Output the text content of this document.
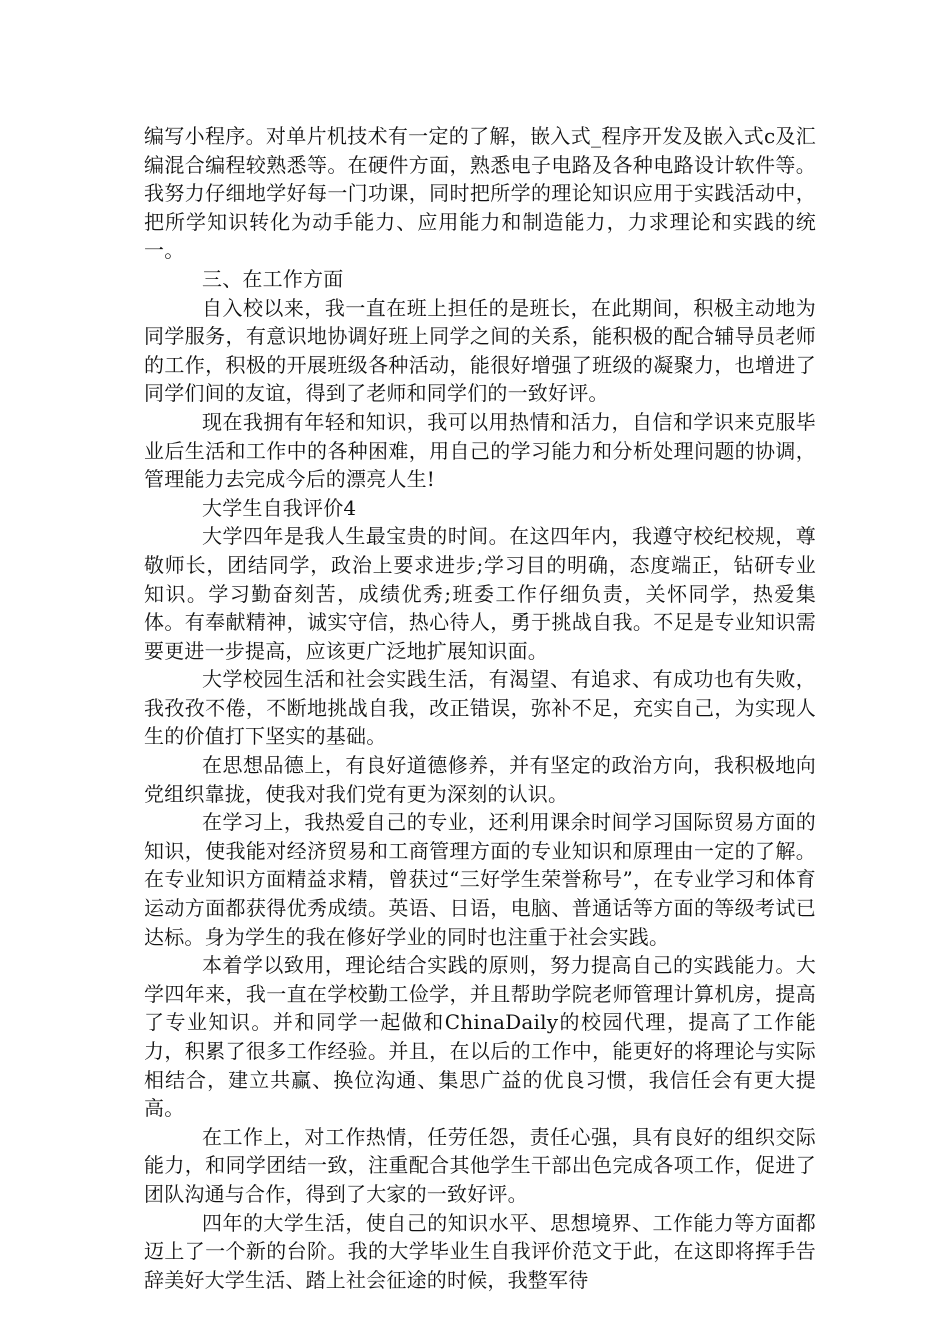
编写小程序。对单片机技术有一定的了解，嵌入式_程序开发及嵌入式c及汇编混合编程较熟悉等。在硬件方面，熟悉电子电路及各种电路设计软件等。我努力仔细地学好每一门功课，同时把所学的理论知识应用于实践活动中，把所学知识转化为动手能力、应用能力和制造能力，力求理论和实践的统一。

三、在工作方面

自入校以来，我一直在班上担任的是班长，在此期间，积极主动地为同学服务，有意识地协调好班上同学之间的关系，能积极的配合辅导员老师的工作，积极的开展班级各种活动，能很好增强了班级的凝聚力，也增进了同学们间的友谊，得到了老师和同学们的一致好评。

现在我拥有年轻和知识，我可以用热情和活力，自信和学识来克服毕业后生活和工作中的各种困难，用自己的学习能力和分析处理问题的协调，管理能力去完成今后的漂亮人生!

大学生自我评价4

大学四年是我人生最宝贵的时间。在这四年内，我遵守校纪校规，尊敬师长，团结同学，政治上要求进步;学习目的明确，态度端正，钻研专业知识。学习勤奋刻苦，成绩优秀;班委工作仔细负责，关怀同学，热爱集体。有奉献精神，诚实守信，热心待人，勇于挑战自我。不足是专业知识需要更进一步提高，应该更广泛地扩展知识面。

大学校园生活和社会实践生活，有渴望、有追求、有成功也有失败，我孜孜不倦，不断地挑战自我，改正错误，弥补不足，充实自己，为实现人生的价值打下坚实的基础。

在思想品德上，有良好道德修养，并有坚定的政治方向，我积极地向党组织靠拢，使我对我们党有更为深刻的认识。

在学习上，我热爱自己的专业，还利用课余时间学习国际贸易方面的知识，使我能对经济贸易和工商管理方面的专业知识和原理由一定的了解。在专业知识方面精益求精，曾获过“三好学生荣誉称号”，在专业学习和体育运动方面都获得优秀成绩。英语、日语，电脑、普通话等方面的等级考试已达标。身为学生的我在修好学业的同时也注重于社会实践。

本着学以致用，理论结合实践的原则，努力提高自己的实践能力。大学四年来，我一直在学校勤工俭学，并且帮助学院老师管理计算机房，提高了专业知识。并和同学一起做和ChinaDaily的校园代理，提高了工作能力，积累了很多工作经验。并且，在以后的工作中，能更好的将理论与实际相结合，建立共赢、换位沟通、集思广益的优良习惯，我信任会有更大提高。

在工作上，对工作热情，任劳任怨，责任心强，具有良好的组织交际能力，和同学团结一致，注重配合其他学生干部出色完成各项工作，促进了团队沟通与合作，得到了大家的一致好评。

四年的大学生活，使自己的知识水平、思想境界、工作能力等方面都迈上了一个新的台阶。我的大学毕业生自我评价范文于此，在这即将挥手告辞美好大学生活、踏上社会征途的时候，我整军待
